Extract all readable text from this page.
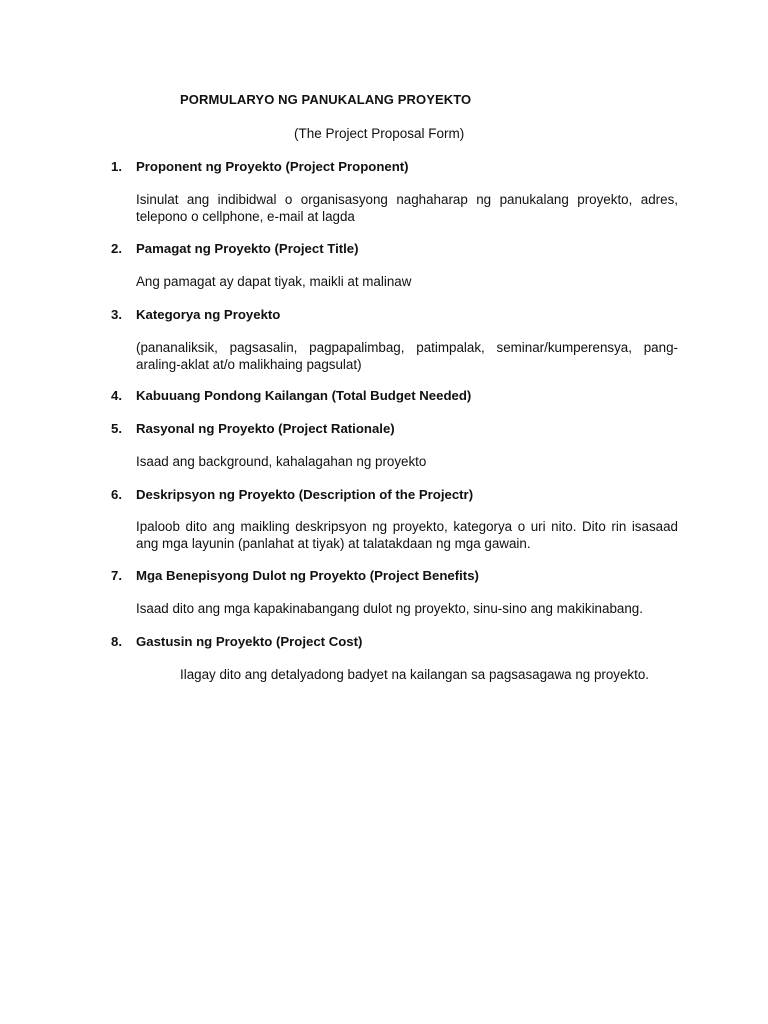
PORMULARYO NG PANUKALANG PROYEKTO
(The Project Proposal Form)
1. Proponent ng Proyekto (Project Proponent)
Isinulat ang indibidwal o organisasyong naghaharap ng panukalang proyekto, adres, telepono o cellphone, e-mail at lagda
2. Pamagat ng Proyekto (Project Title)
Ang pamagat ay dapat tiyak, maikli at malinaw
3. Kategorya ng Proyekto
(pananaliksik, pagsasalin, pagpapalimbag, patimpalak, seminar/kumperensya, pang-araling-aklat at/o malikhaing pagsulat)
4. Kabuuang Pondong Kailangan (Total Budget Needed)
5. Rasyonal ng Proyekto (Project Rationale)
Isaad ang background, kahalagahan ng proyekto
6. Deskripsyon ng Proyekto (Description of the Projectr)
Ipaloob dito ang maikling deskripsyon ng proyekto, kategorya o uri nito. Dito rin isasaad ang mga layunin (panlahat at tiyak) at talatakdaan ng mga gawain.
7. Mga Benepisyong Dulot ng Proyekto (Project Benefits)
Isaad dito ang mga kapakinabangang dulot ng proyekto, sinu-sino ang makikinabang.
8. Gastusin ng Proyekto (Project Cost)
Ilagay dito ang detalyadong badyet na kailangan sa pagsasagawa ng proyekto.
